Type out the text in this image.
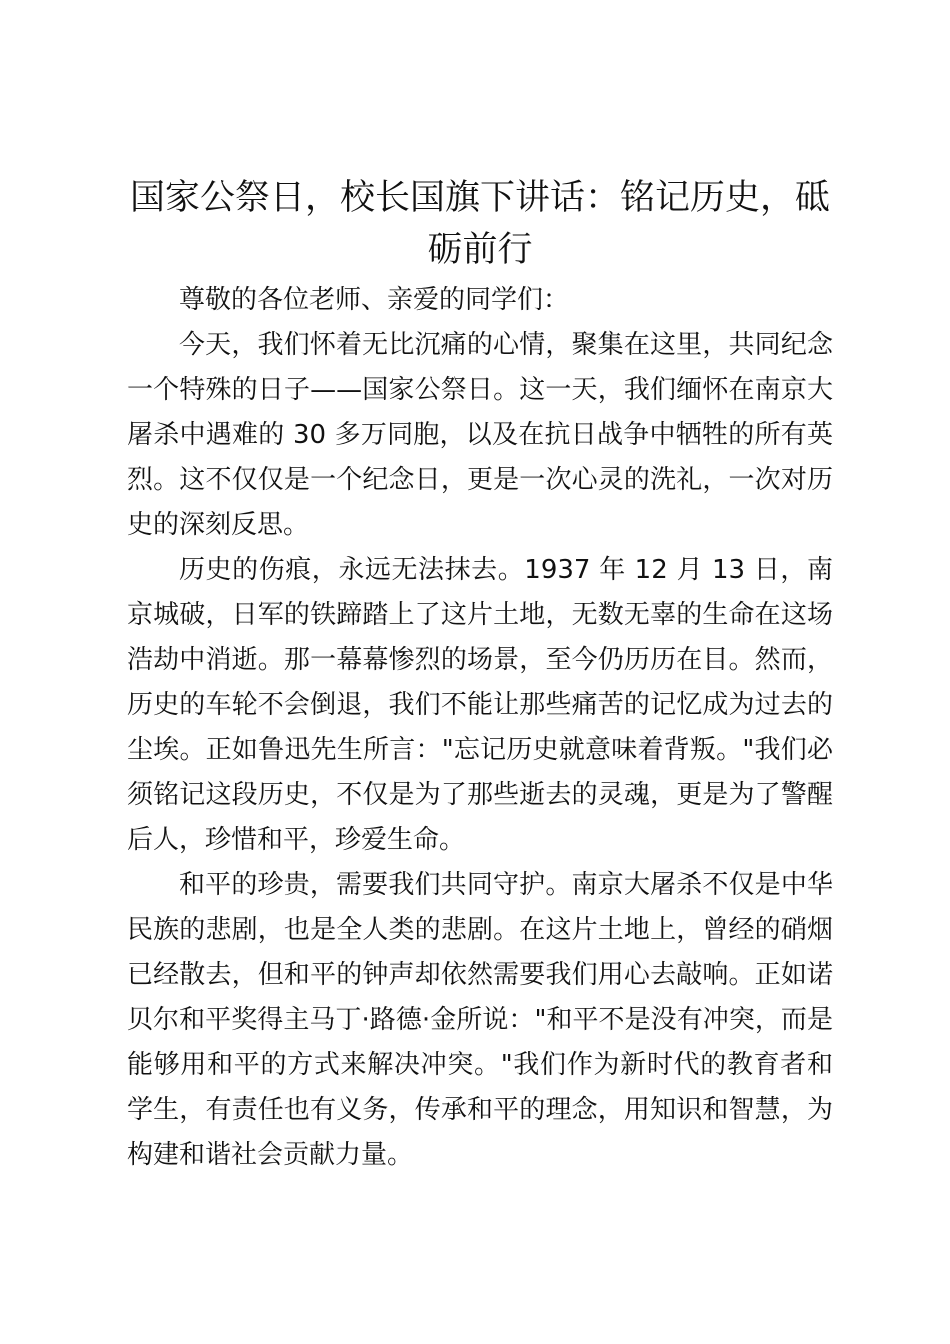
国家公祭日，校长国旗下讲话：铭记历史，砥砺前行

尊敬的各位老师、亲爱的同学们：

今天，我们怀着无比沉痛的心情，聚集在这里，共同纪念一个特殊的日子——国家公祭日。这一天，我们缅怀在南京大屠杀中遇难的 30 多万同胞，以及在抗日战争中牺牲的所有英烈。这不仅仅是一个纪念日，更是一次心灵的洗礼，一次对历史的深刻反思。

历史的伤痕，永远无法抹去。1937 年 12 月 13 日，南京城破，日军的铁蹄踏上了这片土地，无数无辜的生命在这场浩劫中消逝。那一幕幕惨烈的场景，至今仍历历在目。然而，历史的车轮不会倒退，我们不能让那些痛苦的记忆成为过去的尘埃。正如鲁迅先生所言："忘记历史就意味着背叛。"我们必须铭记这段历史，不仅是为了那些逝去的灵魂，更是为了警醒后人，珍惜和平，珍爱生命。

和平的珍贵，需要我们共同守护。南京大屠杀不仅是中华民族的悲剧，也是全人类的悲剧。在这片土地上，曾经的硝烟已经散去，但和平的钟声却依然需要我们用心去敲响。正如诺贝尔和平奖得主马丁·路德·金所说："和平不是没有冲突，而是能够用和平的方式来解决冲突。"我们作为新时代的教育者和学生，有责任也有义务，传承和平的理念，用知识和智慧，为构建和谐社会贡献力量。
